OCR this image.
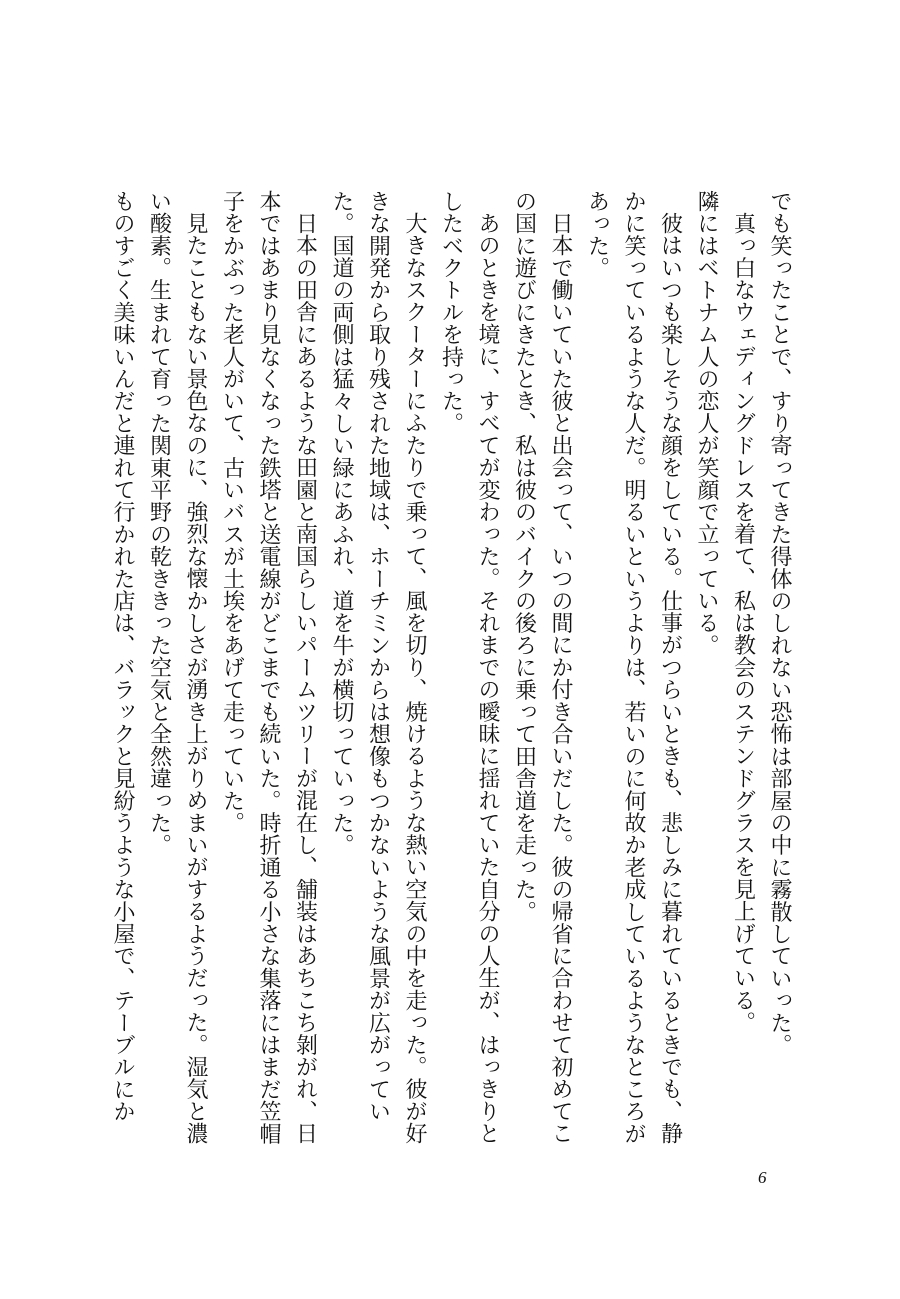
でも笑ったことで、すり寄ってきた得体のしれない恐怖は部屋の中に霧散していった。

真っ白なウェディングドレスを着て、私は教会のステンドグラスを見上げている。

隣にはベトナム人の恋人が笑顔で立っている。

彼はいつも楽しそうな顔をしている。仕事がつらいときも、悲しみに暮れているときでも、静かに笑っているような人だ。明るいというよりは、若いのに何故か老成しているようなところがあった。

日本で働いていた彼と出会って、いつの間にか付き合いだした。彼の帰省に合わせて初めてこの国に遊びにきたとき、私は彼のバイクの後ろに乗って田舎道を走った。

あのときを境に、すべてが変わった。それまでの曖昧に揺れていた自分の人生が、はっきりとしたベクトルを持った。

大きなスクーターにふたりで乗って、風を切り、焼けるような熱い空気の中を走った。彼が好きな開発から取り残された地域は、ホーチミンからは想像もつかないような風景が広がっていた。国道の両側は猛々しい緑にあふれ、道を牛が横切っていった。

日本の田舎にあるような田園と南国らしいパームツリーが混在し、舗装はあちこち剝がれ、日本ではあまり見なくなった鉄塔と送電線がどこまでも続いた。時折通る小さな集落にはまだ笠帽子をかぶった老人がいて、古いバスが土埃をあげて走っていた。

見たこともない景色なのに、強烈な懐かしさが湧き上がりめまいがするようだった。湿気と濃い酸素。生まれて育った関東平野の乾ききった空気と全然違った。

ものすごく美味いんだと連れて行かれた店は、バラックと見紛うような小屋で、テーブルにか

6
